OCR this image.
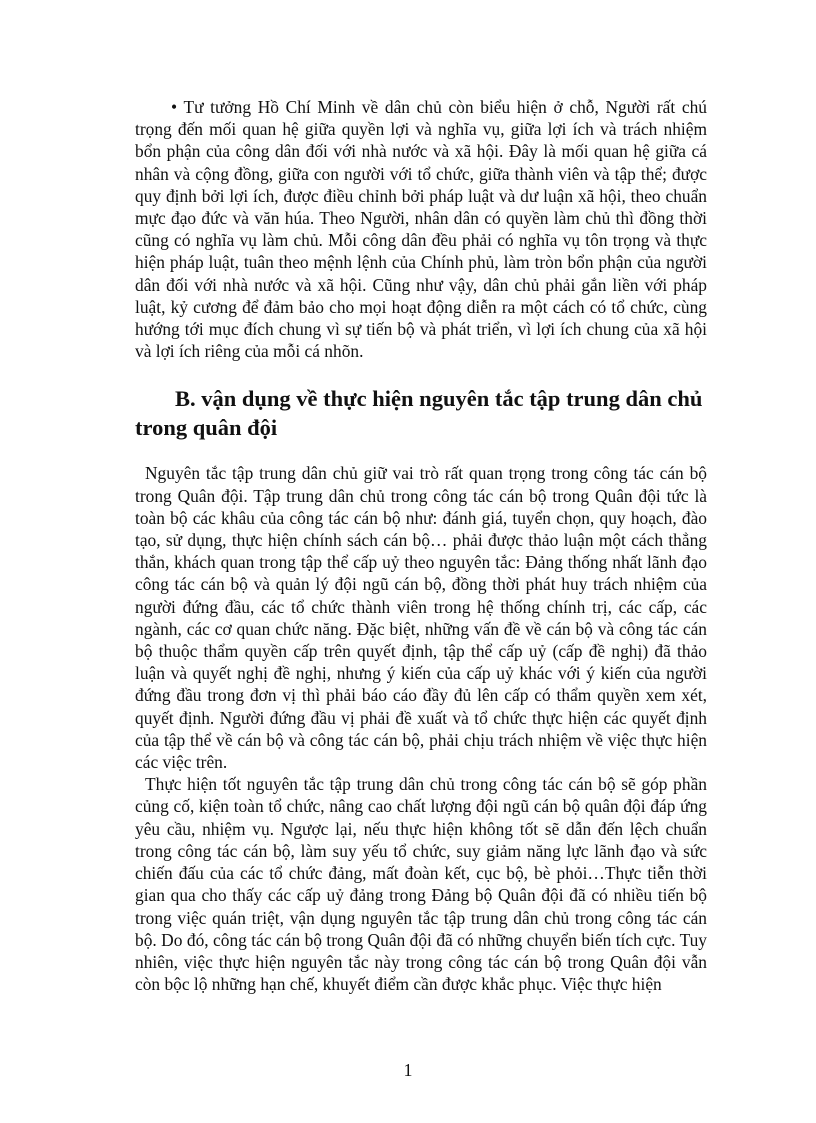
• Tư tưởng Hồ Chí Minh về dân chủ còn biểu hiện ở chỗ, Người rất chú trọng đến mối quan hệ giữa quyền lợi và nghĩa vụ, giữa lợi ích và trách nhiệm bổn phận của công dân đối với nhà nước và xã hội. Đây là mối quan hệ giữa cá nhân và cộng đồng, giữa con người với tổ chức, giữa thành viên và tập thể; được quy định bởi lợi ích, được điều chỉnh bởi pháp luật và dư luận xã hội, theo chuẩn mực đạo đức và văn húa. Theo Người, nhân dân có quyền làm chủ thì đồng thời cũng có nghĩa vụ làm chủ. Mỗi công dân đều phải có nghĩa vụ tôn trọng và thực hiện pháp luật, tuân theo mệnh lệnh của Chính phủ, làm tròn bổn phận của người dân đối với nhà nước và xã hội. Cũng như vậy, dân chủ phải gắn liền với pháp luật, kỷ cương để đảm bảo cho mọi hoạt động diễn ra một cách có tổ chức, cùng hướng tới mục đích chung vì sự tiến bộ và phát triển, vì lợi ích chung của xã hội và lợi ích riêng của mỗi cá nhõn.

B. vận dụng về thực hiện nguyên tắc tập trung dân chủ trong quân đội

Nguyên tắc tập trung dân chủ giữ vai trò rất quan trọng trong công tác cán bộ trong Quân đội. Tập trung dân chủ trong công tác cán bộ trong Quân đội tức là toàn bộ các khâu của công tác cán bộ như: đánh giá, tuyển chọn, quy hoạch, đào tạo, sử dụng, thực hiện chính sách cán bộ… phải được thảo luận một cách thẳng thắn, khách quan trong tập thể cấp uỷ theo nguyên tắc: Đảng thống nhất lãnh đạo công tác cán bộ và quản lý đội ngũ cán bộ, đồng thời phát huy trách nhiệm của người đứng đầu, các tổ chức thành viên trong hệ thống chính trị, các cấp, các ngành, các cơ quan chức năng. Đặc biệt, những vấn đề về cán bộ và công tác cán bộ thuộc thẩm quyền cấp trên quyết định, tập thể cấp uỷ (cấp đề nghị) đã thảo luận và quyết nghị đề nghị, nhưng ý kiến của cấp uỷ khác với ý kiến của người đứng đầu trong đơn vị thì phải báo cáo đầy đủ lên cấp có thẩm quyền xem xét, quyết định. Người đứng đầu vị phải đề xuất và tổ chức thực hiện các quyết định của tập thể về cán bộ và công tác cán bộ, phải chịu trách nhiệm về việc thực hiện các việc trên.

Thực hiện tốt nguyên tắc tập trung dân chủ trong công tác cán bộ sẽ góp phần củng cố, kiện toàn tổ chức, nâng cao chất lượng đội ngũ cán bộ quân đội đáp ứng yêu cầu, nhiệm vụ. Ngược lại, nếu thực hiện không tốt sẽ dẫn đến lệch chuẩn trong công tác cán bộ, làm suy yếu tổ chức, suy giảm năng lực lãnh đạo và sức chiến đấu của các tổ chức đảng, mất đoàn kết, cục bộ, bè phỏi…Thực tiễn thời gian qua cho thấy các cấp uỷ đảng trong Đảng bộ Quân đội đã có nhiều tiến bộ trong việc quán triệt, vận dụng nguyên tắc tập trung dân chủ trong công tác cán bộ. Do đó, công tác cán bộ trong Quân đội đã có những chuyển biến tích cực. Tuy nhiên, việc thực hiện nguyên tắc này trong công tác cán bộ trong Quân đội vẫn còn bộc lộ những hạn chế, khuyết điểm cần được khắc phục. Việc thực hiện

1
